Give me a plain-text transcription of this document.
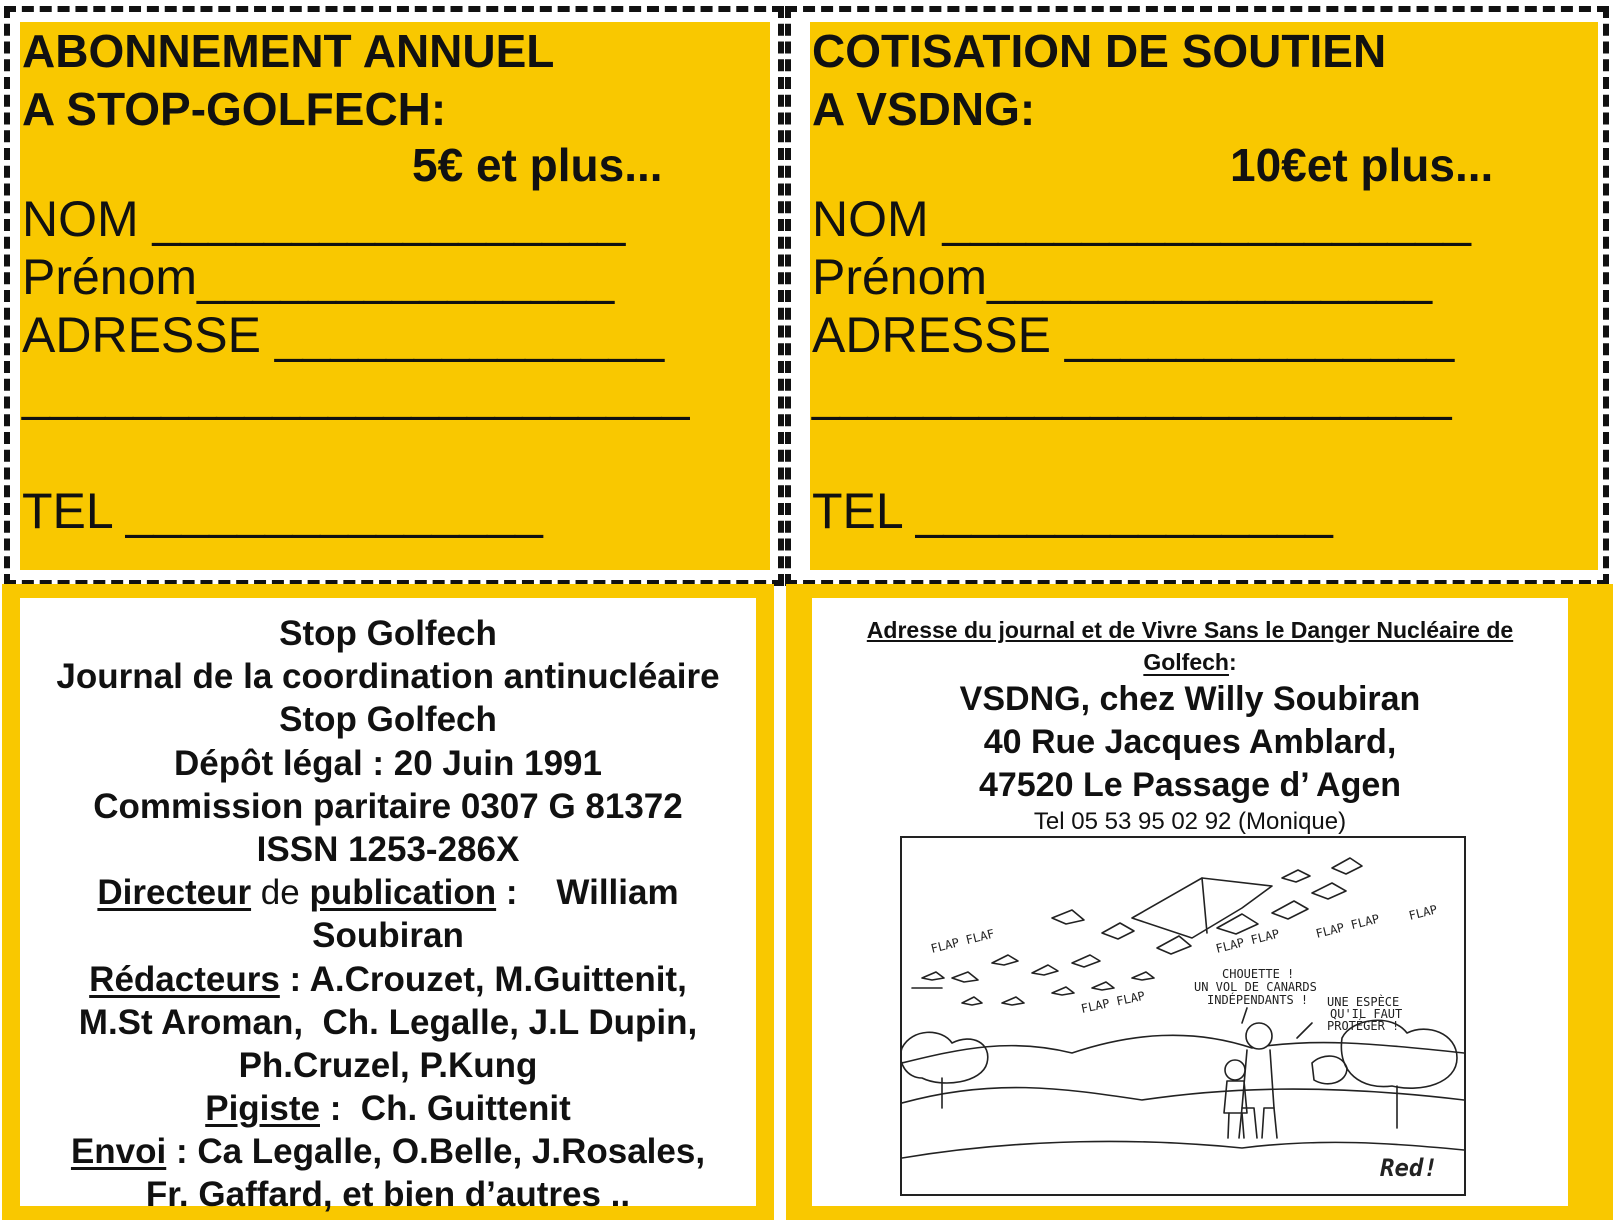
ABONNEMENT ANNUEL
A STOP-GOLFECH:
5€ et plus...
NOM _________________
Prénom_______________
ADRESSE ______________
________________________
TEL _______________
COTISATION DE SOUTIEN
A VSDNG:
10€et plus...
NOM ___________________
Prénom________________
ADRESSE ______________
_______________________
TEL _______________
Stop Golfech
Journal de la coordination antinucléaire
Stop Golfech
Dépôt légal : 20 Juin 1991
Commission paritaire 0307 G 81372
ISSN 1253-286X
Directeur de publication :    William
Soubiran
Rédacteurs : A.Crouzet, M.Guittenit,
M.St Aroman,  Ch. Legalle, J.L Dupin,
Ph.Cruzel, P.Kung
Pigiste :  Ch. Guittenit
Envoi : Ca Legalle, O.Belle, J.Rosales,
Fr. Gaffard, et bien d’autres ..
Adresse du journal et de Vivre Sans le Danger Nucléaire de
Golfech:
VSDNG, chez Willy Soubiran
40 Rue Jacques Amblard,
47520 Le Passage d’ Agen
Tel 05 53 95 02 92 (Monique)
FLAP FLAF
FLAP FLAP
FLAP FLAP
FLAP FLAP FLAP
CHOUETTE !
UN VOL DE CANARDS
INDÉPENDANTS ! UNE ESPÈCE
QU'IL FAUT
PROTÉGER !
Red!
